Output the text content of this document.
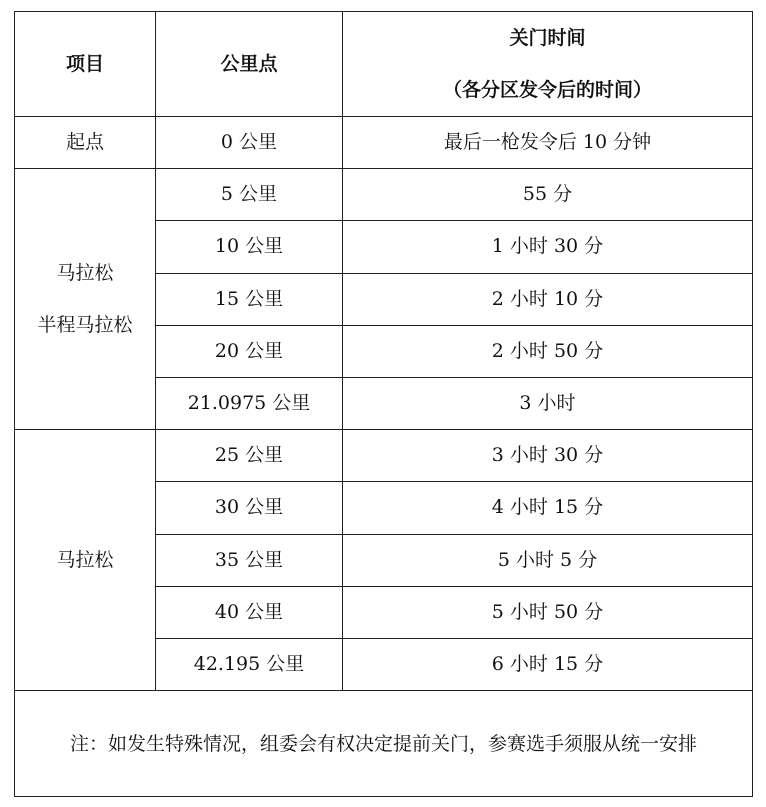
项目	公里点	关门时间
（各分区发令后的时间）

起点	0 公里	最后一枪发令后 10 分钟

马拉松
半程马拉松	5 公里	55 分
	10 公里	1 小时 30 分
	15 公里	2 小时 10 分
	20 公里	2 小时 50 分
	21.0975 公里	3 小时
马拉松	25 公里	3 小时 30 分
	30 公里	4 小时 15 分
	35 公里	5 小时 5 分
	40 公里	5 小时 50 分
	42.195 公里	6 小时 15 分
注：如发生特殊情况，组委会有权决定提前关门，参赛选手须服从统一安排		
